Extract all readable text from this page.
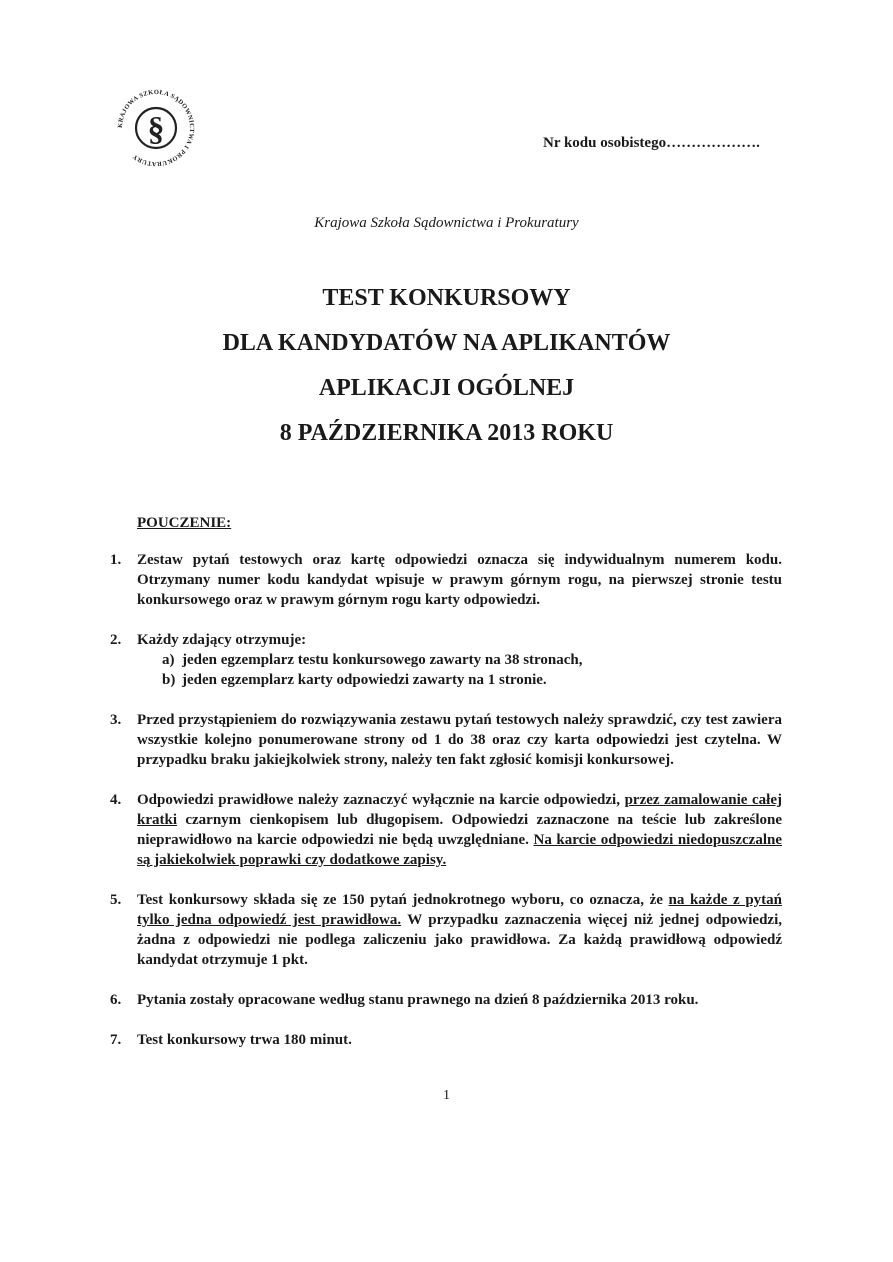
KRAJOWA SZKOŁA SĄDOWNICTWA I PROKURATURY
§	Nr kodu osobistego……………….
Krajowa Szkoła Sądownictwa i Prokuratury
TEST KONKURSOWY
DLA KANDYDATÓW NA APLIKANTÓW
APLIKACJI OGÓLNEJ
8 PAŹDZIERNIKA 2013 ROKU
POUCZENIE:
1. Zestaw pytań testowych oraz kartę odpowiedzi oznacza się indywidualnym numerem kodu. Otrzymany numer kodu kandydat wpisuje w prawym górnym rogu, na pierwszej stronie testu konkursowego oraz w prawym górnym rogu karty odpowiedzi.
2. Każdy zdający otrzymuje:
a) jeden egzemplarz testu konkursowego zawarty na 38 stronach,
b) jeden egzemplarz karty odpowiedzi zawarty na 1 stronie.
3. Przed przystąpieniem do rozwiązywania zestawu pytań testowych należy sprawdzić, czy test zawiera wszystkie kolejno ponumerowane strony od 1 do 38 oraz czy karta odpowiedzi jest czytelna. W przypadku braku jakiejkolwiek strony, należy ten fakt zgłosić komisji konkursowej.
4. Odpowiedzi prawidłowe należy zaznaczyć wyłącznie na karcie odpowiedzi, przez zamalowanie całej kratki czarnym cienkopisem lub długopisem. Odpowiedzi zaznaczone na teście lub zakreślone nieprawidłowo na karcie odpowiedzi nie będą uwzględniane. Na karcie odpowiedzi niedopuszczalne są jakiekolwiek poprawki czy dodatkowe zapisy.
5. Test konkursowy składa się ze 150 pytań jednokrotnego wyboru, co oznacza, że na każde z pytań tylko jedna odpowiedź jest prawidłowa. W przypadku zaznaczenia więcej niż jednej odpowiedzi, żadna z odpowiedzi nie podlega zaliczeniu jako prawidłowa. Za każdą prawidłową odpowiedź kandydat otrzymuje 1 pkt.
6. Pytania zostały opracowane według stanu prawnego na dzień 8 października 2013 roku.
7. Test konkursowy trwa 180 minut.
1
